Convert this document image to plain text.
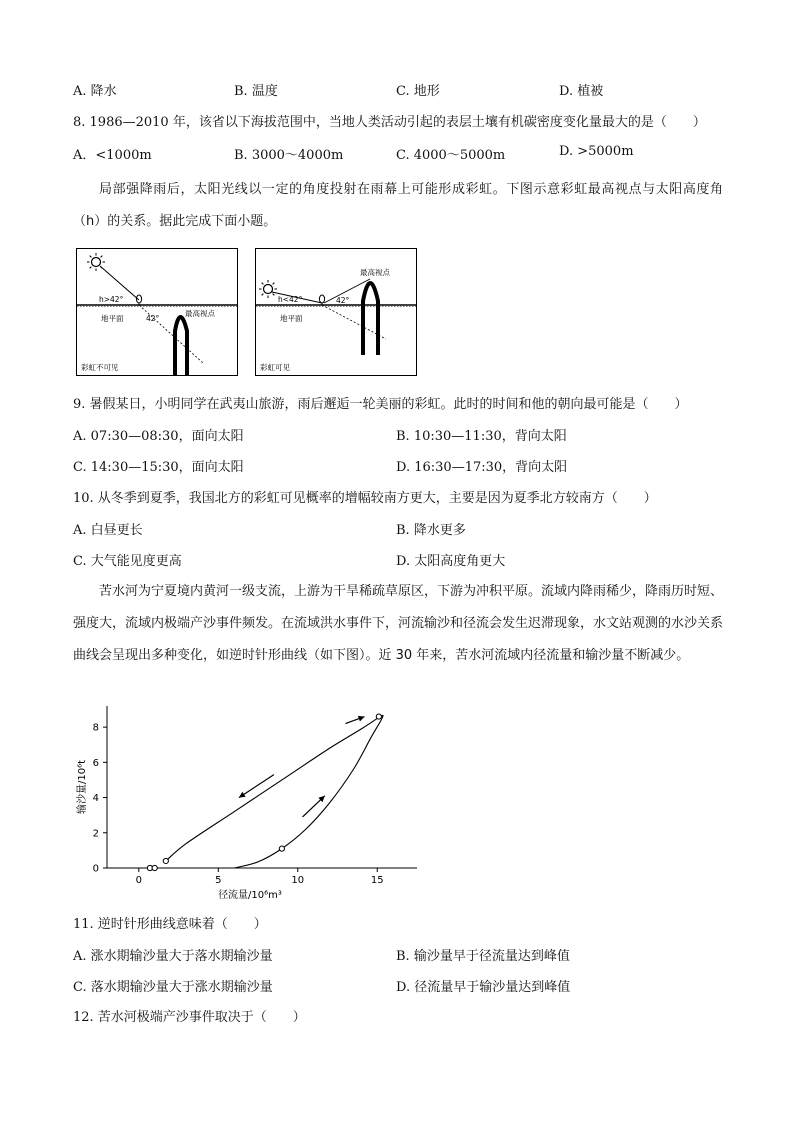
A. 降水	B. 温度	C. 地形	D. 植被
8. 1986—2010 年，该省以下海拔范围中，当地人类活动引起的表层土壤有机碳密度变化量最大的是（　　）
A．<1000m	B. 3000～4000m	C. 4000～5000m	D. >5000m

局部强降雨后，太阳光线以一定的角度投射在雨幕上可能形成彩虹。下图示意彩虹最高视点与太阳高度角（h）的关系。据此完成下面小题。

h>42°
42°
地平面
最高视点
彩虹不可见
h<42°	42°
地平面
最高视点
彩虹可见
9. 暑假某日，小明同学在武夷山旅游，雨后邂逅一轮美丽的彩虹。此时的时间和他的朝向最可能是（　　）
A. 07:30—08:30，面向太阳	B. 10:30—11:30，背向太阳
C. 14:30—15:30，面向太阳	D. 16:30—17:30，背向太阳
10. 从冬季到夏季，我国北方的彩虹可见概率的增幅较南方更大，主要是因为夏季北方较南方（　　）
A. 白昼更长	B. 降水更多
C. 大气能见度更高	D. 太阳高度角更大

苦水河为宁夏境内黄河一级支流，上游为干旱稀疏草原区，下游为冲积平原。流域内降雨稀少，降雨历时短、强度大，流域内极端产沙事件频发。在流域洪水事件下，河流输沙和径流会发生迟滞现象，水文站观测的水沙关系曲线会呈现出多种变化，如逆时针形曲线（如下图）。近 30 年来，苦水河流域内径流量和输沙量不断减少。

0	5	10	15
0
2
4
6
8
径流量/10⁶m³
输沙量/10⁶t
11. 逆时针形曲线意味着（　　）
A. 涨水期输沙量大于落水期输沙量	B. 输沙量早于径流量达到峰值
C. 落水期输沙量大于涨水期输沙量	D. 径流量早于输沙量达到峰值
12. 苦水河极端产沙事件取决于（　　）
